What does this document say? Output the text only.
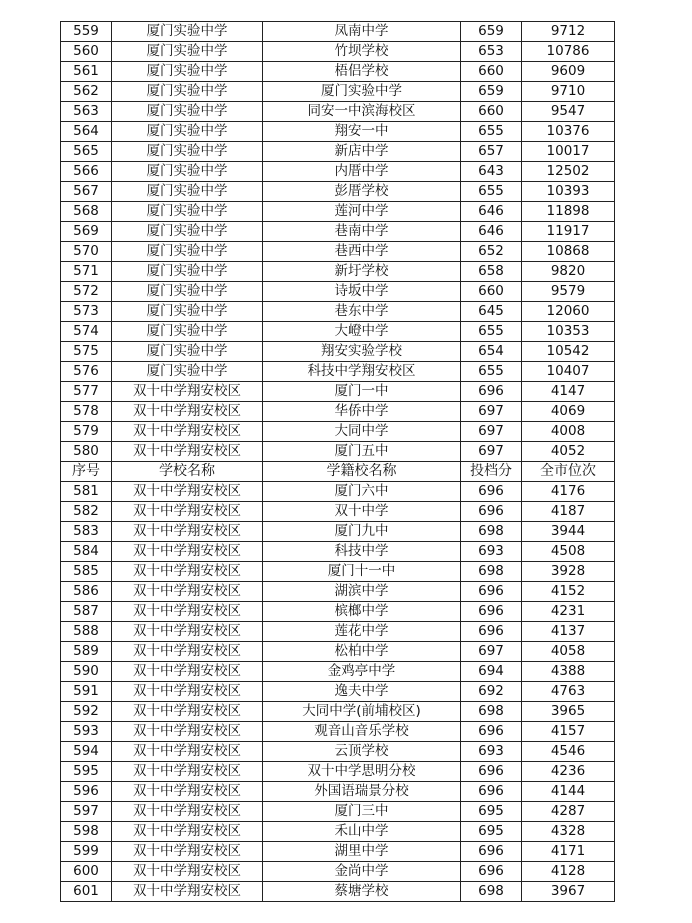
559	厦门实验中学	凤南中学	659	9712
560	厦门实验中学	竹坝学校	653	10786
561	厦门实验中学	梧侣学校	660	9609
562	厦门实验中学	厦门实验中学	659	9710
563	厦门实验中学	同安一中滨海校区	660	9547
564	厦门实验中学	翔安一中	655	10376
565	厦门实验中学	新店中学	657	10017
566	厦门实验中学	内厝中学	643	12502
567	厦门实验中学	彭厝学校	655	10393
568	厦门实验中学	莲河中学	646	11898
569	厦门实验中学	巷南中学	646	11917
570	厦门实验中学	巷西中学	652	10868
571	厦门实验中学	新圩学校	658	9820
572	厦门实验中学	诗坂中学	660	9579
573	厦门实验中学	巷东中学	645	12060
574	厦门实验中学	大嶝中学	655	10353
575	厦门实验中学	翔安实验学校	654	10542
576	厦门实验中学	科技中学翔安校区	655	10407
577	双十中学翔安校区	厦门一中	696	4147
578	双十中学翔安校区	华侨中学	697	4069
579	双十中学翔安校区	大同中学	697	4008
580	双十中学翔安校区	厦门五中	697	4052
序号	学校名称	学籍校名称	投档分	全市位次
581	双十中学翔安校区	厦门六中	696	4176
582	双十中学翔安校区	双十中学	696	4187
583	双十中学翔安校区	厦门九中	698	3944
584	双十中学翔安校区	科技中学	693	4508
585	双十中学翔安校区	厦门十一中	698	3928
586	双十中学翔安校区	湖滨中学	696	4152
587	双十中学翔安校区	槟榔中学	696	4231
588	双十中学翔安校区	莲花中学	696	4137
589	双十中学翔安校区	松柏中学	697	4058
590	双十中学翔安校区	金鸡亭中学	694	4388
591	双十中学翔安校区	逸夫中学	692	4763
592	双十中学翔安校区	大同中学(前埔校区)	698	3965
593	双十中学翔安校区	观音山音乐学校	696	4157
594	双十中学翔安校区	云顶学校	693	4546
595	双十中学翔安校区	双十中学思明分校	696	4236
596	双十中学翔安校区	外国语瑞景分校	696	4144
597	双十中学翔安校区	厦门三中	695	4287
598	双十中学翔安校区	禾山中学	695	4328
599	双十中学翔安校区	湖里中学	696	4171
600	双十中学翔安校区	金尚中学	696	4128
601	双十中学翔安校区	蔡塘学校	698	3967
